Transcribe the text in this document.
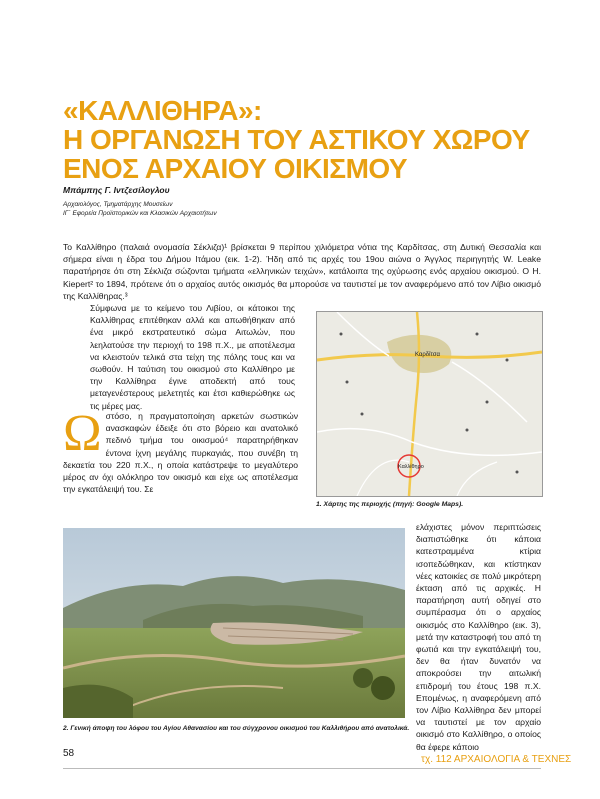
«ΚΑΛΛΙΘΗΡΑ»:
Η ΟΡΓΑΝΩΣΗ ΤΟΥ ΑΣΤΙΚΟΥ ΧΩΡΟΥ
ΕΝΟΣ ΑΡΧΑΙΟΥ ΟΙΚΙΣΜΟΥ
Μπάμπης Γ. Ιντζεσίλογλου
Αρχαιολόγος, Τμηματάρχης Μουσείων
ΙΓ΄ Εφορεία Προϊστορικών και Κλασικών Αρχαιοτήτων

Το Καλλίθηρο (παλαιά ονομασία Σέκλιζα)¹ βρίσκεται 9 περίπου χιλιόμετρα νότια της Καρδίτσας, στη Δυτική Θεσσαλία και σήμερα είναι η έδρα του Δήμου Ιτάμου (εικ. 1-2). Ήδη από τις αρχές του 19ου αιώνα ο Άγγλος περιηγητής W. Leake παρατήρησε ότι στη Σέκλιζα σώζονται τμήματα «ελληνικών τειχών», κατάλοιπα της οχύρωσης ενός αρχαίου οικισμού. Ο H. Kiepert² το 1894, πρότεινε ότι ο αρχαίος αυτός οικισμός θα μπορούσε να ταυτιστεί με τον αναφερόμενο από τον Λίβιο οικισμό της Καλλίθηρας.³

Σύμφωνα με το κείμενο του Λιβίου, οι κάτοικοι της Καλλίθηρας επιτέθηκαν αλλά και απωθήθηκαν από ένα μικρό εκστρατευτικό σώμα Αιτωλών, που λεηλατούσε την περιοχή το 198 π.Χ., με αποτέλεσμα να κλειστούν τελικά στα τείχη της πόλης τους και να σωθούν. Η ταύτιση του οικισμού στο Καλλίθηρο με την Καλλίθηρα έγινε αποδεκτή από τους μεταγενέστερους μελετητές και έτσι καθιερώθηκε ως τις μέρες μας.

Ωστόσο, η πραγματοποίηση αρκετών σωστικών ανασκαφών έδειξε ότι στο βόρειο και ανατολικό πεδινό τμήμα του οικισμού⁴ παρατηρήθηκαν έντονα ίχνη μεγάλης πυρκαγιάς, που συνέβη τη δεκαετία του 220 π.Χ., η οποία κατάστρεψε το μεγαλύτερο μέρος αν όχι ολόκληρο τον οικισμό και είχε ως αποτέλεσμα την εγκατάλειψή του. Σε

Καρδίτσα
Καλλίθηρο
1. Χάρτης της περιοχής (πηγή: Google Maps).
2. Γενική άποψη του λόφου του Αγίου Αθανασίου και του σύγχρονου οικισμού του Καλλιθήρου από ανατολικά.

ελάχιστες μόνον περιπτώσεις διαπιστώθηκε ότι κάποια κατεστραμμένα κτίρια ισοπεδώθηκαν, και κτίστηκαν νέες κατοικίες σε πολύ μικρότερη έκταση από τις αρχικές. Η παρατήρηση αυτή οδηγεί στο συμπέρασμα ότι ο αρχαίος οικισμός στο Καλλίθηρο (εικ. 3), μετά την καταστροφή του από τη φωτιά και την εγκατάλειψή του, δεν θα ήταν δυνατόν να αποκρούσει την αιτωλική επιδρομή του έτους 198 π.Χ. Επομένως, η αναφερόμενη από τον Λίβιο Καλλίθηρα δεν μπορεί να ταυτιστεί με τον αρχαίο οικισμό στο Καλλίθηρο, ο οποίος θα έφερε κάποιο

58
τχ. 112 ΑΡΧΑΙΟΛΟΓΙΑ & ΤΕΧΝΕΣ
